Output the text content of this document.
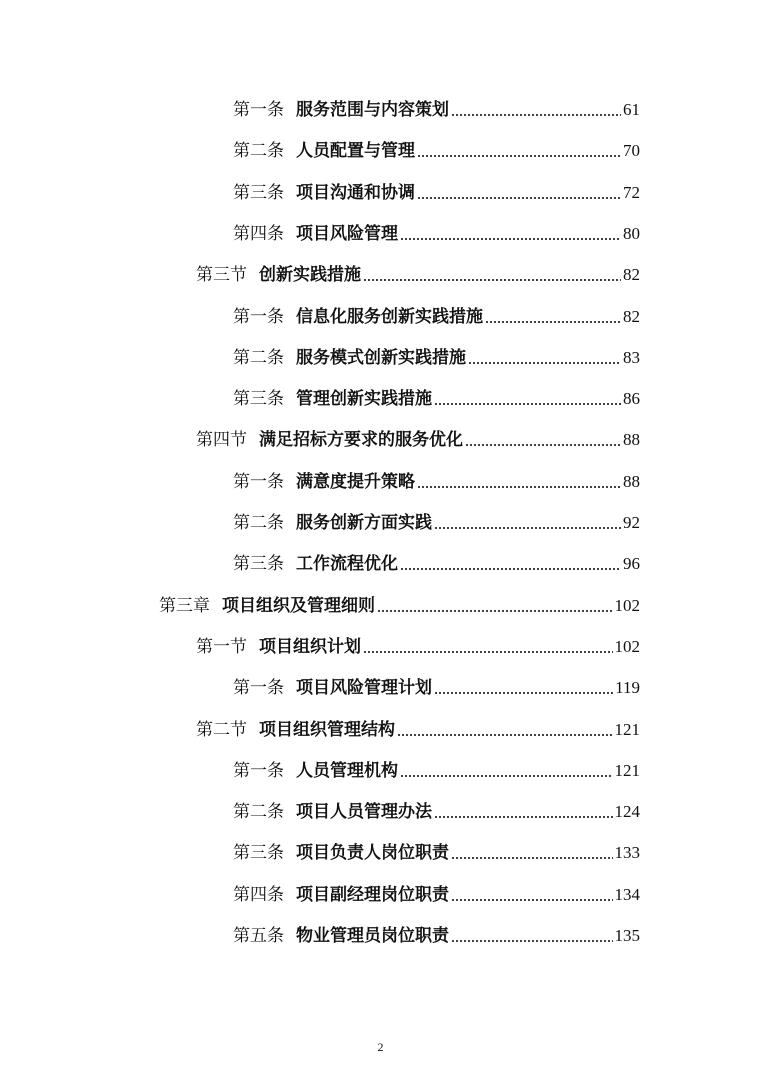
第一条 服务范围与内容策划	61
第二条 人员配置与管理	70
第三条 项目沟通和协调	72
第四条 项目风险管理	80
第三节 创新实践措施	82
第一条 信息化服务创新实践措施	82
第二条 服务模式创新实践措施	83
第三条 管理创新实践措施	86
第四节 满足招标方要求的服务优化	88
第一条 满意度提升策略	88
第二条 服务创新方面实践	92
第三条 工作流程优化	96
第三章 项目组织及管理细则	102
第一节 项目组织计划	102
第一条 项目风险管理计划	119
第二节 项目组织管理结构	121
第一条 人员管理机构	121
第二条 项目人员管理办法	124
第三条 项目负责人岗位职责	133
第四条 项目副经理岗位职责	134
第五条 物业管理员岗位职责	135
2
